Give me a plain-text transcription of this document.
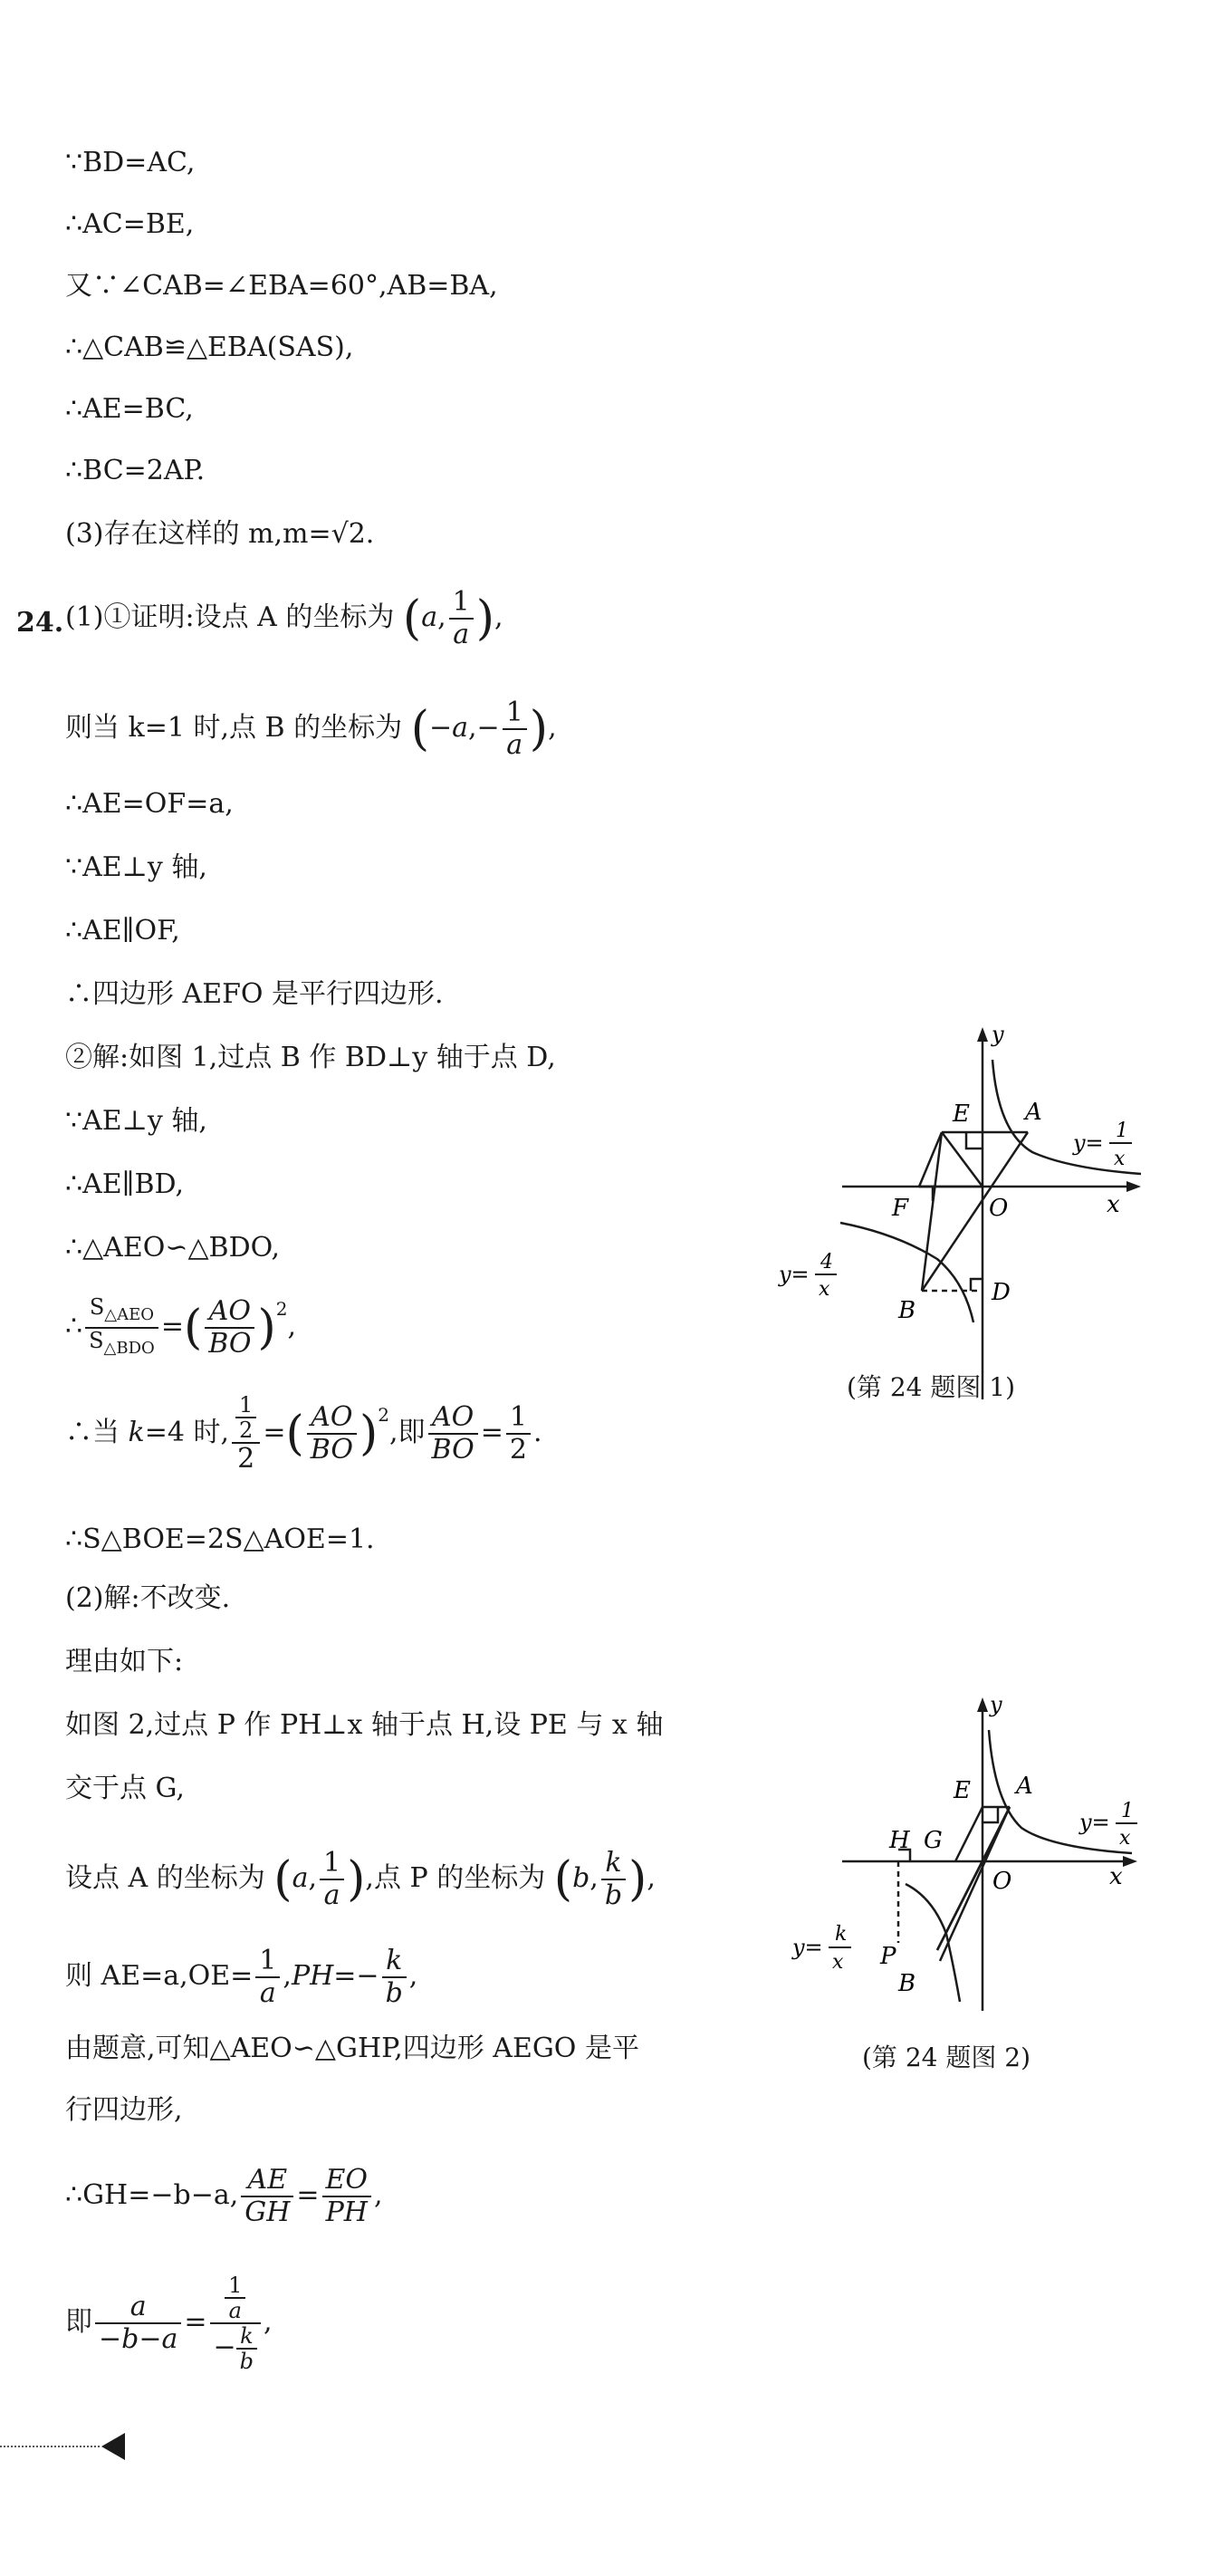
∵BD=AC,
∴AC=BE,
又∵∠CAB=∠EBA=60°,AB=BA,
∴△CAB≌△EBA(SAS),
∴AE=BC,
∴BC=2AP.
(3)存在这样的 m,m=√2.
24. (1)①证明:设点 A 的坐标为 (a, $\frac{1}{a}$ ),
则当 k=1 时,点 B 的坐标为 ($-a,- \frac{1}{a}$ ),
∴AE=OF=a,
∵AE⊥y 轴,
∴AE∥OF,
∴四边形 AEFO 是平行四边形.
②解:如图 1,过点 B 作 BD⊥y 轴于点 D,
∵AE⊥y 轴,
∴AE∥BD,
∴△AEO∽△BDO,
∴ $\frac{S_{\triangle AEO}}{S_{\triangle BDO}}$ =( $\frac{AO}{BO} )^2$,
∴当 k=4 时, $\frac{\frac{1}{2}}{2}$ =( $\frac{AO}{BO} )^2$,即 $\frac{AO}{BO} = \frac{1}{2}$ .
∴S△BOE=2S△AOE=1.
(2)解:不改变.
理由如下:
如图 2,过点 P 作 PH⊥x 轴于点 H,设 PE 与 x 轴
交于点 G,
设点 A 的坐标为 (a, $\frac{1}{a}$ ),点 P 的坐标为 (b, $\frac{k}{b}$ ),
则 $AE=a,OE= \frac{1}{a} ,PH=- \frac{k}{b}$ ,
由题意,可知△AEO∽△GHP,四边形 AEGO 是平
行四边形,
∴GH=−b−a, $\frac{AE}{GH} = \frac{EO}{PH}$ ,
即 $\frac{a}{-b-a} = \frac{\frac{1}{a}}{- \frac{k}{b}}$ ,
y
x
E A
F	O
D
B
y= 1
x
y= 4
x
(第 24 题图 1)
y
x
E A
H G
O
P
B
y= 1
x
y=
k
x
(第 24 题图 2)
